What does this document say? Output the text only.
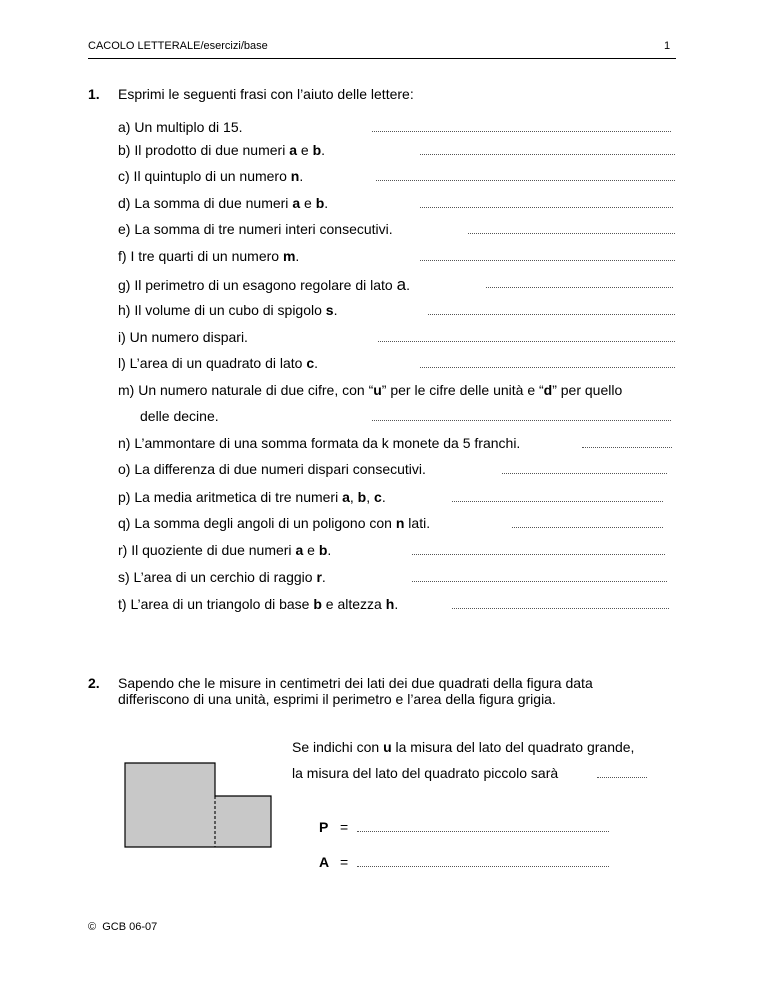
CACOLO LETTERALE/esercizi/base	1
1. Esprimi le seguenti frasi con l’aiuto delle lettere:
a) Un multiplo di 15.
b) Il prodotto di due numeri a e b.
c) Il quintuplo di un numero n.
d) La somma di due numeri a e b.
e) La somma di tre numeri interi consecutivi.
f) I tre quarti di un numero m.
g) Il perimetro di un esagono regolare di lato a.
h) Il volume di un cubo di spigolo s.
i) Un numero dispari.
l) L’area di un quadrato di lato c.
m) Un numero naturale di due cifre, con “u” per le cifre delle unità e “d” per quello
delle decine.
n) L’ammontare di una somma formata da k monete da 5 franchi.
o) La differenza di due numeri dispari consecutivi.
p) La media aritmetica di tre numeri a, b, c.
q) La somma degli angoli di un poligono con n lati.
r) Il quoziente di due numeri a e b.
s) L’area di un cerchio di raggio r.
t) L’area di un triangolo di base b e altezza h.
2. Sapendo che le misure in centimetri dei lati dei due quadrati della figura data
differiscono di una unità, esprimi il perimetro e l’area della figura grigia.
Se indichi con u la misura del lato del quadrato grande,
la misura del lato del quadrato piccolo sarà
P =
A =
© GCB 06-07
